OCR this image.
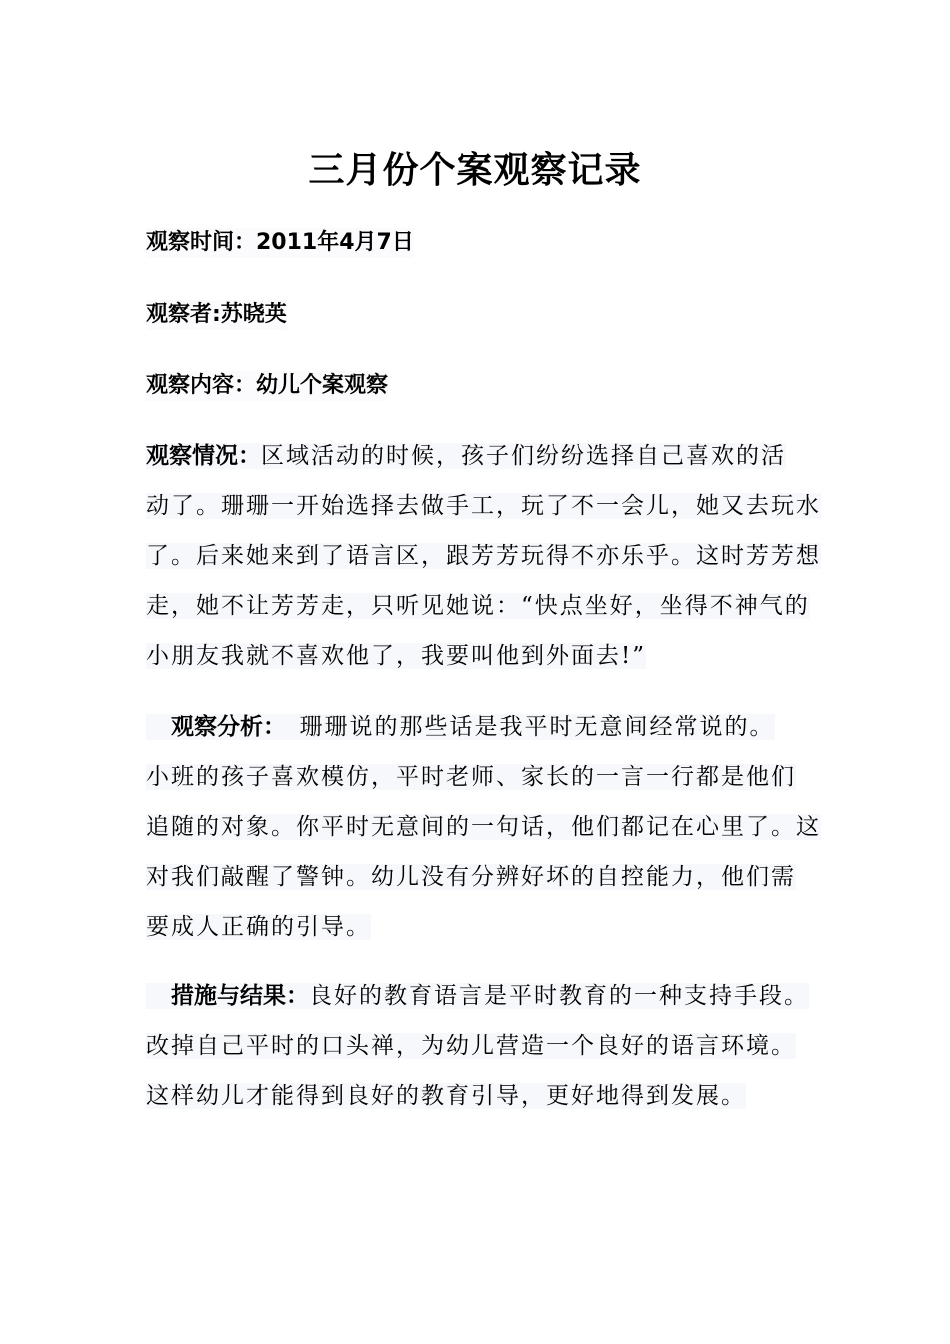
三月份个案观察记录
观察时间：2011年4月7日
观察者:苏晓英
观察内容：幼儿个案观察
观察情况：区域活动的时候，孩子们纷纷选择自己喜欢的活
动了。珊珊一开始选择去做手工，玩了不一会儿，她又去玩水
了。后来她来到了语言区，跟芳芳玩得不亦乐乎。这时芳芳想
走，她不让芳芳走，只听见她说：“快点坐好，坐得不神气的
小朋友我就不喜欢他了，我要叫他到外面去!”
　观察分析：　 珊珊说的那些话是我平时无意间经常说的。
小班的孩子喜欢模仿，平时老师、家长的一言一行都是他们
追随的对象。你平时无意间的一句话，他们都记在心里了。这
对我们敲醒了警钟。幼儿没有分辨好坏的自控能力，他们需
要成人正确的引导。
　措施与结果：良好的教育语言是平时教育的一种支持手段。
改掉自己平时的口头禅，为幼儿营造一个良好的语言环境。
这样幼儿才能得到良好的教育引导，更好地得到发展。
